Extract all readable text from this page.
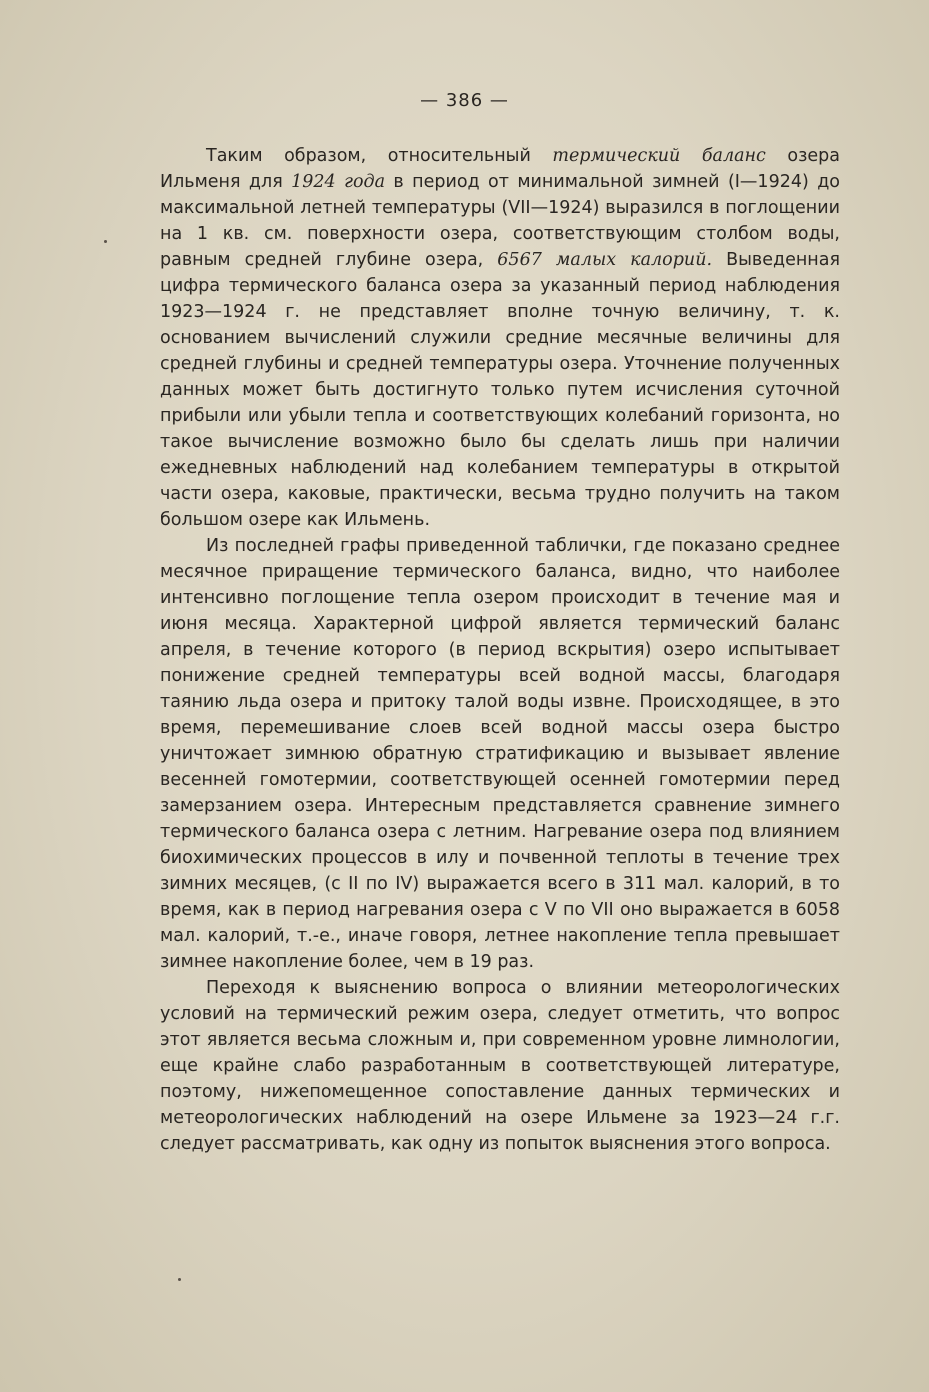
— 386 —

Таким образом, относительный термический баланс озера Ильменя для 1924 года в период от минимальной зимней (I—1924) до максимальной летней температуры (VII—1924) выразился в поглощении на 1 кв. см. поверхности озера, соответствующим столбом воды, равным средней глубине озера, 6567 малых калорий. Выведенная цифра термического баланса озера за указанный период наблюдения 1923—1924 г. не представляет вполне точную величину, т. к. основанием вычислений служили средние месячные величины для средней глубины и средней температуры озера. Уточнение полученных данных может быть достигнуто только путем исчисления суточной прибыли или убыли тепла и соответствующих колебаний горизонта, но такое вычисление возможно было бы сделать лишь при наличии ежедневных наблюдений над колебанием температуры в открытой части озера, каковые, практически, весьма трудно получить на таком большом озере как Ильмень.

Из последней графы приведенной таблички, где показано среднее месячное приращение термического баланса, видно, что наиболее интенсивно поглощение тепла озером происходит в течение мая и июня месяца. Характерной цифрой является термический баланс апреля, в течение которого (в период вскрытия) озеро испытывает понижение средней температуры всей водной массы, благодаря таянию льда озера и притоку талой воды извне. Происходящее, в это время, перемешивание слоев всей водной массы озера быстро уничтожает зимнюю обратную стратификацию и вызывает явление весенней гомотермии, соответствующей осенней гомотермии перед замерзанием озера. Интересным представляется сравнение зимнего термического баланса озера с летним. Нагревание озера под влиянием биохимических процессов в илу и почвенной теплоты в течение трех зимних месяцев, (с II по IV) выражается всего в 311 мал. калорий, в то время, как в период нагревания озера с V по VII оно выражается в 6058 мал. калорий, т.-е., иначе говоря, летнее накопление тепла превышает зимнее накопление более, чем в 19 раз.

Переходя к выяснению вопроса о влиянии метеорологических условий на термический режим озера, следует отметить, что вопрос этот является весьма сложным и, при современном уровне лимнологии, еще крайне слабо разработанным в соответствующей литературе, поэтому, нижепомещенное сопоставление данных термических и метеорологических наблюдений на озере Ильмене за 1923—24 г.г. следует рассматривать, как одну из попыток выяснения этого вопроса.
